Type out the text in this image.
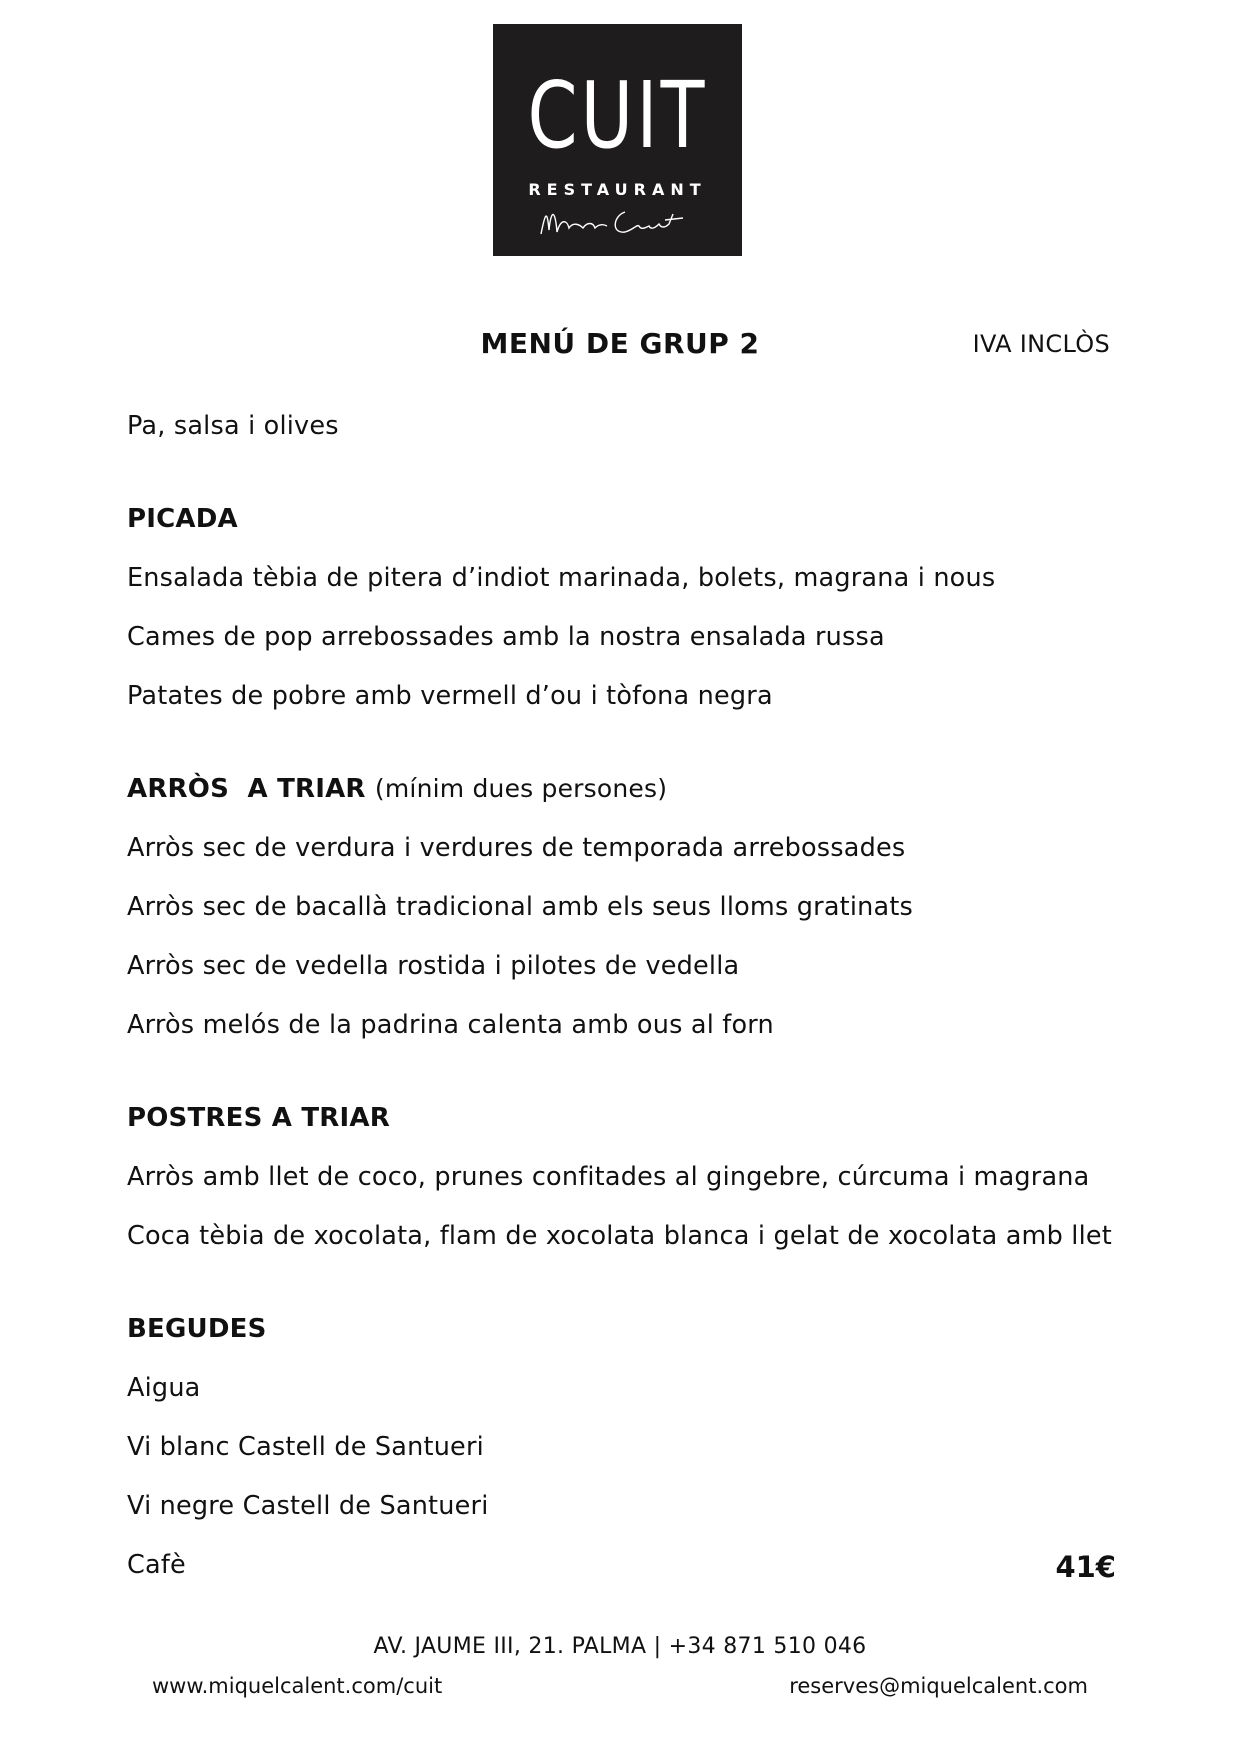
CUIT
RESTAURANT
MENÚ DE GRUP 2	IVA INCLÒS
Pa, salsa i olives
PICADA
Ensalada tèbia de pitera d’indiot marinada, bolets, magrana i nous
Cames de pop arrebossades amb la nostra ensalada russa
Patates de pobre amb vermell d’ou i tòfona negra
ARRÒS  A TRIAR (mínim dues persones)
Arròs sec de verdura i verdures de temporada arrebossades
Arròs sec de bacallà tradicional amb els seus lloms gratinats
Arròs sec de vedella rostida i pilotes de vedella
Arròs melós de la padrina calenta amb ous al forn
POSTRES A TRIAR
Arròs amb llet de coco, prunes confitades al gingebre, cúrcuma i magrana
Coca tèbia de xocolata, flam de xocolata blanca i gelat de xocolata amb llet
BEGUDES
Aigua
Vi blanc Castell de Santueri
Vi negre Castell de Santueri
Cafè	41€
AV. JAUME III, 21. PALMA | +34 871 510 046
www.miquelcalent.com/cuit	reserves@miquelcalent.com
